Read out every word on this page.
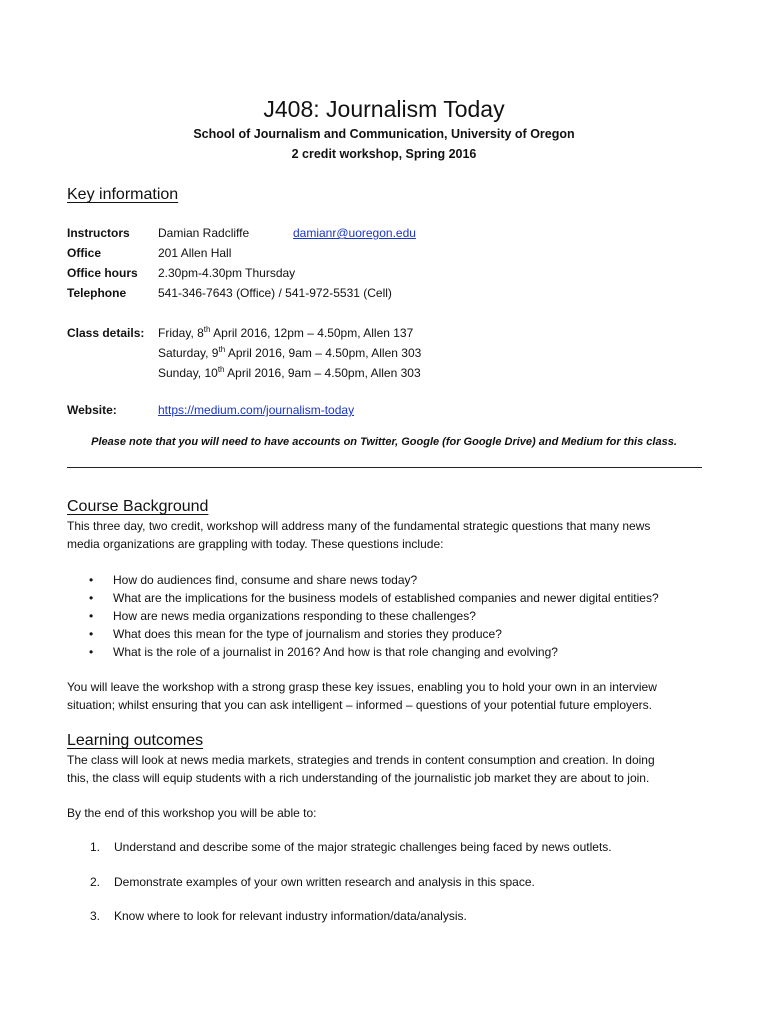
J408: Journalism Today
School of Journalism and Communication, University of Oregon
2 credit workshop, Spring 2016
Key information
Instructors Damian Radcliffe	damianr@uoregon.edu
Office	201 Allen Hall
Office hours 2.30pm-4.30pm Thursday
Telephone	541-346-7643 (Office) / 541-972-5531 (Cell)
Class details: Friday, 8th April 2016, 12pm – 4.50pm, Allen 137
Saturday, 9th April 2016, 9am – 4.50pm, Allen 303
Sunday, 10th April 2016, 9am – 4.50pm, Allen 303
Website:	https://medium.com/journalism-today
Please note that you will need to have accounts on Twitter, Google (for Google Drive) and Medium for this class.
Course Background
This three day, two credit, workshop will address many of the fundamental strategic questions that many news
media organizations are grappling with today. These questions include:
• How do audiences find, consume and share news today?
• What are the implications for the business models of established companies and newer digital entities?
• How are news media organizations responding to these challenges?
• What does this mean for the type of journalism and stories they produce?
• What is the role of a journalist in 2016? And how is that role changing and evolving?
You will leave the workshop with a strong grasp these key issues, enabling you to hold your own in an interview
situation; whilst ensuring that you can ask intelligent – informed – questions of your potential future employers.
Learning outcomes
The class will look at news media markets, strategies and trends in content consumption and creation. In doing
this, the class will equip students with a rich understanding of the journalistic job market they are about to join.
By the end of this workshop you will be able to:
1. Understand and describe some of the major strategic challenges being faced by news outlets.
2. Demonstrate examples of your own written research and analysis in this space.
3. Know where to look for relevant industry information/data/analysis.
